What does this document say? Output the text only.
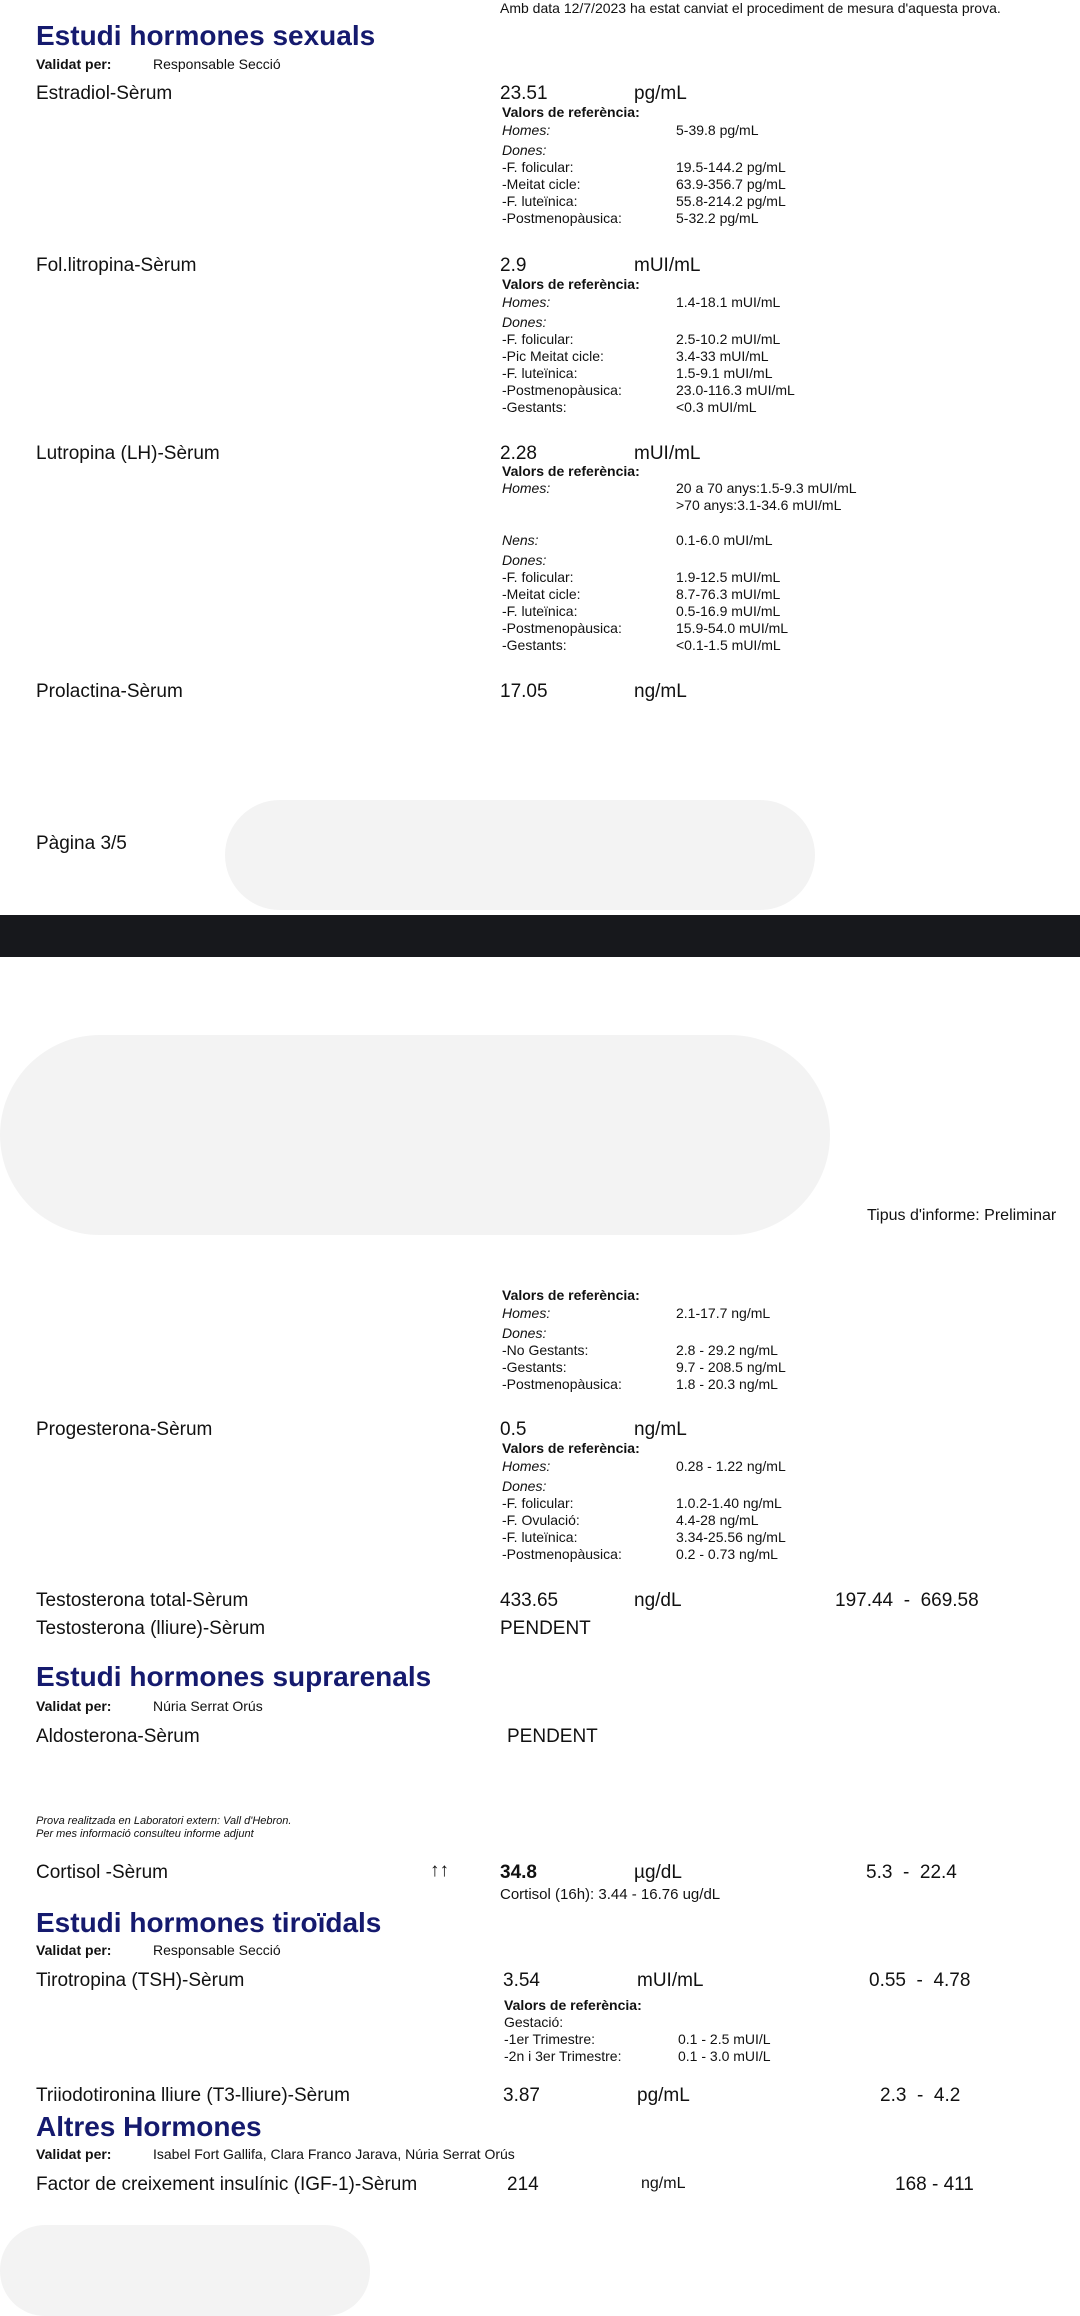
Amb data 12/7/2023 ha estat canviat el procediment de mesura d'aquesta prova.
Estudi hormones sexuals
Validat per:	Responsable Secció
Estradiol-Sèrum	23.51	pg/mL
Valors de referència:
Homes:	5-39.8 pg/mL
Dones:
-F. folicular:	19.5-144.2 pg/mL
-Meitat cicle:	63.9-356.7 pg/mL
-F. luteïnica:	55.8-214.2 pg/mL
-Postmenopàusica:	5-32.2 pg/mL
Fol.litropina-Sèrum	2.9	mUI/mL
Valors de referència:
Homes:	1.4-18.1 mUI/mL
Dones:
-F. folicular:	2.5-10.2 mUI/mL
-Pic Meitat cicle:	3.4-33 mUI/mL
-F. luteïnica:	1.5-9.1 mUI/mL
-Postmenopàusica:	23.0-116.3 mUI/mL
-Gestants:	<0.3 mUI/mL
Lutropina (LH)-Sèrum	2.28	mUI/mL
Valors de referència:
Homes:	20 a 70 anys:1.5-9.3 mUI/mL
>70 anys:3.1-34.6 mUI/mL
Nens:	0.1-6.0 mUI/mL
Dones:
-F. folicular:	1.9-12.5 mUI/mL
-Meitat cicle:	8.7-76.3 mUI/mL
-F. luteïnica:	0.5-16.9 mUI/mL
-Postmenopàusica:	15.9-54.0 mUI/mL
-Gestants:	<0.1-1.5 mUI/mL
Prolactina-Sèrum	17.05	ng/mL
Pàgina 3/5
Tipus d'informe: Preliminar
Valors de referència:
Homes:	2.1-17.7 ng/mL
Dones:
-No Gestants:	2.8 - 29.2 ng/mL
-Gestants:	9.7 - 208.5 ng/mL
-Postmenopàusica:	1.8 - 20.3 ng/mL
Progesterona-Sèrum	0.5	ng/mL
Valors de referència:
Homes:	0.28 - 1.22 ng/mL
Dones:
-F. folicular:	1.0.2-1.40 ng/mL
-F. Ovulació:	4.4-28 ng/mL
-F. luteïnica:	3.34-25.56 ng/mL
-Postmenopàusica:	0.2 - 0.73 ng/mL
Testosterona total-Sèrum	433.65	ng/dL	197.44 - 669.58
Testosterona (lliure)-Sèrum	PENDENT
Estudi hormones suprarenals
Validat per:	Núria Serrat Orús
Aldosterona-Sèrum	PENDENT
Prova realitzada en Laboratori extern: Vall d'Hebron.
Per mes informació consulteu informe adjunt
Cortisol -Sèrum	↑↑	34.8	µg/dL	5.3 - 22.4
Cortisol (16h): 3.44 - 16.76 ug/dL
Estudi hormones tiroïdals
Validat per:	Responsable Secció
Tirotropina (TSH)-Sèrum	3.54	mUI/mL	0.55 - 4.78
Valors de referència:
Gestació:
-1er Trimestre:	0.1 - 2.5 mUI/L
-2n i 3er Trimestre:	0.1 - 3.0 mUI/L
Triiodotironina lliure (T3-lliure)-Sèrum	3.87	pg/mL	2.3 - 4.2
Altres Hormones
Validat per:	Isabel Fort Gallifa, Clara Franco Jarava, Núria Serrat Orús
Factor de creixement insulínic (IGF-1)-Sèrum	214	ng/mL	168 - 411
